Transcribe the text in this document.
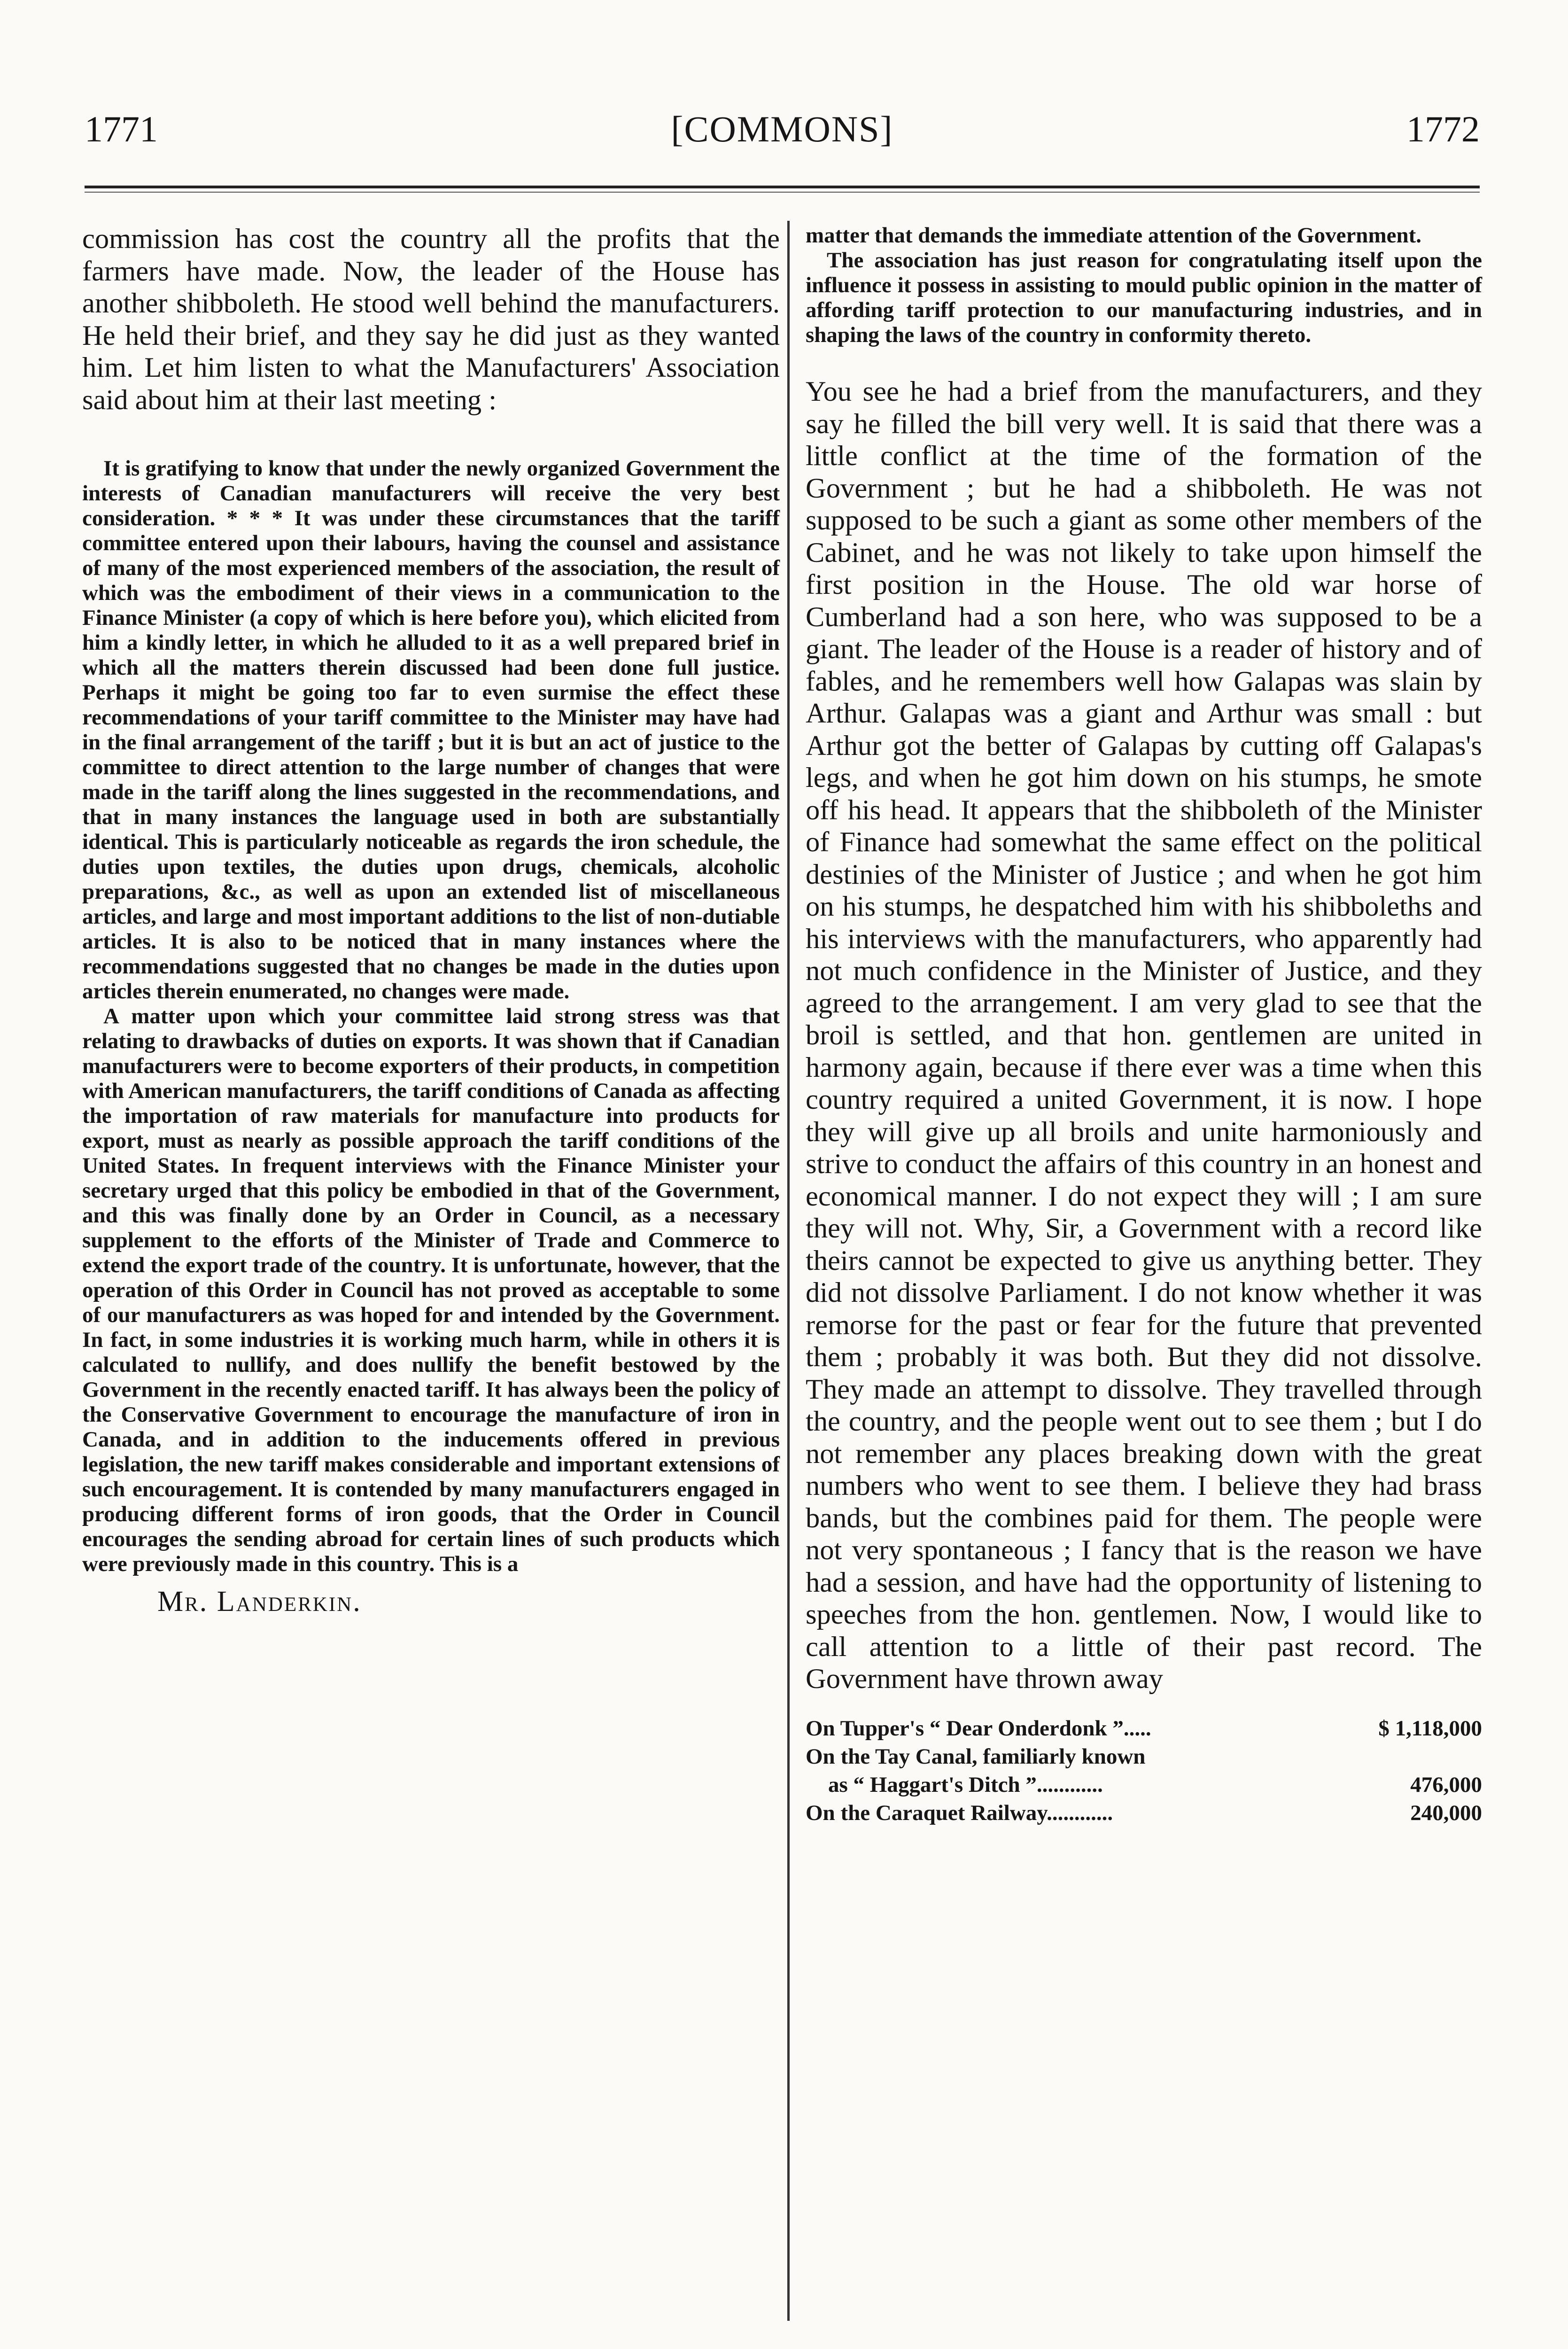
1771	[COMMONS]	1772

commission has cost the country all the profits that the farmers have made. Now, the leader of the House has another shibboleth. He stood well behind the manufacturers. He held their brief, and they say he did just as they wanted him. Let him listen to what the Manufacturers' Association said about him at their last meeting :

It is gratifying to know that under the newly organized Government the interests of Canadian manufacturers will receive the very best consideration. * * * It was under these circumstances that the tariff committee entered upon their labours, having the counsel and assistance of many of the most experienced members of the association, the result of which was the embodiment of their views in a communication to the Finance Minister (a copy of which is here before you), which elicited from him a kindly letter, in which he alluded to it as a well prepared brief in which all the matters therein discussed had been done full justice. Perhaps it might be going too far to even surmise the effect these recommendations of your tariff committee to the Minister may have had in the final arrangement of the tariff ; but it is but an act of justice to the committee to direct attention to the large number of changes that were made in the tariff along the lines suggested in the recommendations, and that in many instances the language used in both are substantially identical. This is particularly noticeable as regards the iron schedule, the duties upon textiles, the duties upon drugs, chemicals, alcoholic preparations, &c., as well as upon an extended list of miscellaneous articles, and large and most important additions to the list of non-dutiable articles. It is also to be noticed that in many instances where the recommendations suggested that no changes be made in the duties upon articles therein enumerated, no changes were made.

A matter upon which your committee laid strong stress was that relating to drawbacks of duties on exports. It was shown that if Canadian manufacturers were to become exporters of their products, in competition with American manufacturers, the tariff conditions of Canada as affecting the importation of raw materials for manufacture into products for export, must as nearly as possible approach the tariff conditions of the United States. In frequent interviews with the Finance Minister your secretary urged that this policy be embodied in that of the Government, and this was finally done by an Order in Council, as a necessary supplement to the efforts of the Minister of Trade and Commerce to extend the export trade of the country. It is unfortunate, however, that the operation of this Order in Council has not proved as acceptable to some of our manufacturers as was hoped for and intended by the Government. In fact, in some industries it is working much harm, while in others it is calculated to nullify, and does nullify the benefit bestowed by the Government in the recently enacted tariff. It has always been the policy of the Conservative Government to encourage the manufacture of iron in Canada, and in addition to the inducements offered in previous legislation, the new tariff makes considerable and important extensions of such encouragement. It is contended by many manufacturers engaged in producing different forms of iron goods, that the Order in Council encourages the sending abroad for certain lines of such products which were previously made in this country. This is a

Mr. Landerkin.

matter that demands the immediate attention of the Government.

The association has just reason for congratulating itself upon the influence it possess in assisting to mould public opinion in the matter of affording tariff protection to our manufacturing industries, and in shaping the laws of the country in conformity thereto.

You see he had a brief from the manufacturers, and they say he filled the bill very well. It is said that there was a little conflict at the time of the formation of the Government ; but he had a shibboleth. He was not supposed to be such a giant as some other members of the Cabinet, and he was not likely to take upon himself the first position in the House. The old war horse of Cumberland had a son here, who was supposed to be a giant. The leader of the House is a reader of history and of fables, and he remembers well how Galapas was slain by Arthur. Galapas was a giant and Arthur was small : but Arthur got the better of Galapas by cutting off Galapas's legs, and when he got him down on his stumps, he smote off his head. It appears that the shibboleth of the Minister of Finance had somewhat the same effect on the political destinies of the Minister of Justice ; and when he got him on his stumps, he despatched him with his shibboleths and his interviews with the manufacturers, who apparently had not much confidence in the Minister of Justice, and they agreed to the arrangement. I am very glad to see that the broil is settled, and that hon. gentlemen are united in harmony again, because if there ever was a time when this country required a united Government, it is now. I hope they will give up all broils and unite harmoniously and strive to conduct the affairs of this country in an honest and economical manner. I do not expect they will ; I am sure they will not. Why, Sir, a Government with a record like theirs cannot be expected to give us anything better. They did not dissolve Parliament. I do not know whether it was remorse for the past or fear for the future that prevented them ; probably it was both. But they did not dissolve. They made an attempt to dissolve. They travelled through the country, and the people went out to see them ; but I do not remember any places breaking down with the great numbers who went to see them. I believe they had brass bands, but the combines paid for them. The people were not very spontaneous ; I fancy that is the reason we have had a session, and have had the opportunity of listening to speeches from the hon. gentlemen. Now, I would like to call attention to a little of their past record. The Government have thrown away

On Tupper's “ Dear Onderdonk ”.....	$ 1,118,000
On the Tay Canal, familiarly known
as “ Haggart's Ditch ”............	476,000
On the Caraquet Railway............	240,000
